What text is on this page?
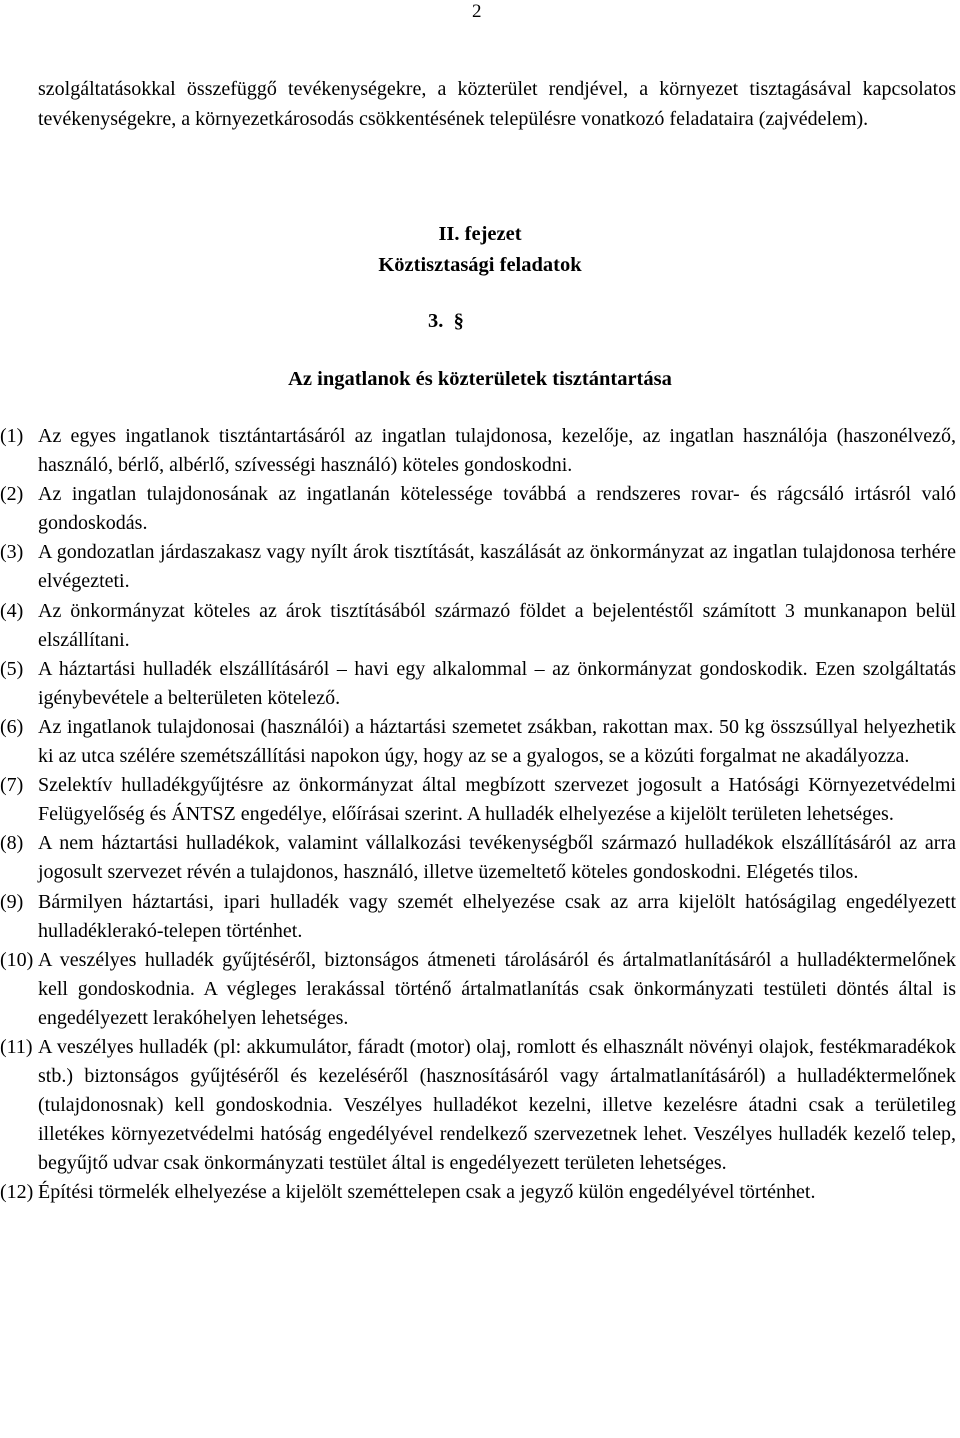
2
szolgáltatásokkal összefüggő tevékenységekre, a közterület rendjével, a környezet tisztagásával kapcsolatos tevékenységekre, a környezetkárosodás csökkentésének településre vonatkozó feladataira (zajvédelem).
II. fejezet
Köztisztasági feladatok
3. §
Az ingatlanok és közterületek tisztántartása
(1) Az egyes ingatlanok tisztántartásáról az ingatlan tulajdonosa, kezelője, az ingatlan használója (haszonélvező, használó, bérlő, albérlő, szívességi használó) köteles gondoskodni.
(2) Az ingatlan tulajdonosának az ingatlanán kötelessége továbbá a rendszeres rovar- és rágcsáló irtásról való gondoskodás.
(3) A gondozatlan járdaszakasz vagy nyílt árok tisztítását, kaszálását az önkormányzat az ingatlan tulajdonosa terhére elvégezteti.
(4) Az önkormányzat köteles az árok tisztításából származó földet a bejelentéstől számított 3 munkanapon belül elszállítani.
(5) A háztartási hulladék elszállításáról – havi egy alkalommal – az önkormányzat gondoskodik. Ezen szolgáltatás igénybevétele a belterületen kötelező.
(6) Az ingatlanok tulajdonosai (használói) a háztartási szemetet zsákban, rakottan max. 50 kg összsúllyal helyezhetik ki az utca szélére szemétszállítási napokon úgy, hogy az se a gyalogos, se a közúti forgalmat ne akadályozza.
(7) Szelektív hulladékgyűjtésre az önkormányzat által megbízott szervezet jogosult a Hatósági Környezetvédelmi Felügyelőség és ÁNTSZ engedélye, előírásai szerint. A hulladék elhelyezése a kijelölt területen lehetséges.
(8) A nem háztartási hulladékok, valamint vállalkozási tevékenységből származó hulladékok elszállításáról az arra jogosult szervezet révén a tulajdonos, használó, illetve üzemeltető köteles gondoskodni. Elégetés tilos.
(9) Bármilyen háztartási, ipari hulladék vagy szemét elhelyezése csak az arra kijelölt hatóságilag engedélyezett hulladéklerakó-telepen történhet.
(10) A veszélyes hulladék gyűjtéséről, biztonságos átmeneti tárolásáról és ártalmatlanításáról a hulladéktermelőnek kell gondoskodnia. A végleges lerakással történő ártalmatlanítás csak önkormányzati testületi döntés által is engedélyezett lerakóhelyen lehetséges.
(11) A veszélyes hulladék (pl: akkumulátor, fáradt (motor) olaj, romlott és elhasznált növényi olajok, festékmaradékok stb.) biztonságos gyűjtéséről és kezeléséről (hasznosításáról vagy ártalmatlanításáról) a hulladéktermelőnek (tulajdonosnak) kell gondoskodnia. Veszélyes hulladékot kezelni, illetve kezelésre átadni csak a területileg illetékes környezetvédelmi hatóság engedélyével rendelkező szervezetnek lehet. Veszélyes hulladék kezelő telep, begyűjtő udvar csak önkormányzati testület által is engedélyezett területen lehetséges.
(12) Építési törmelék elhelyezése a kijelölt szeméttelepen csak a jegyző külön engedélyével történhet.
